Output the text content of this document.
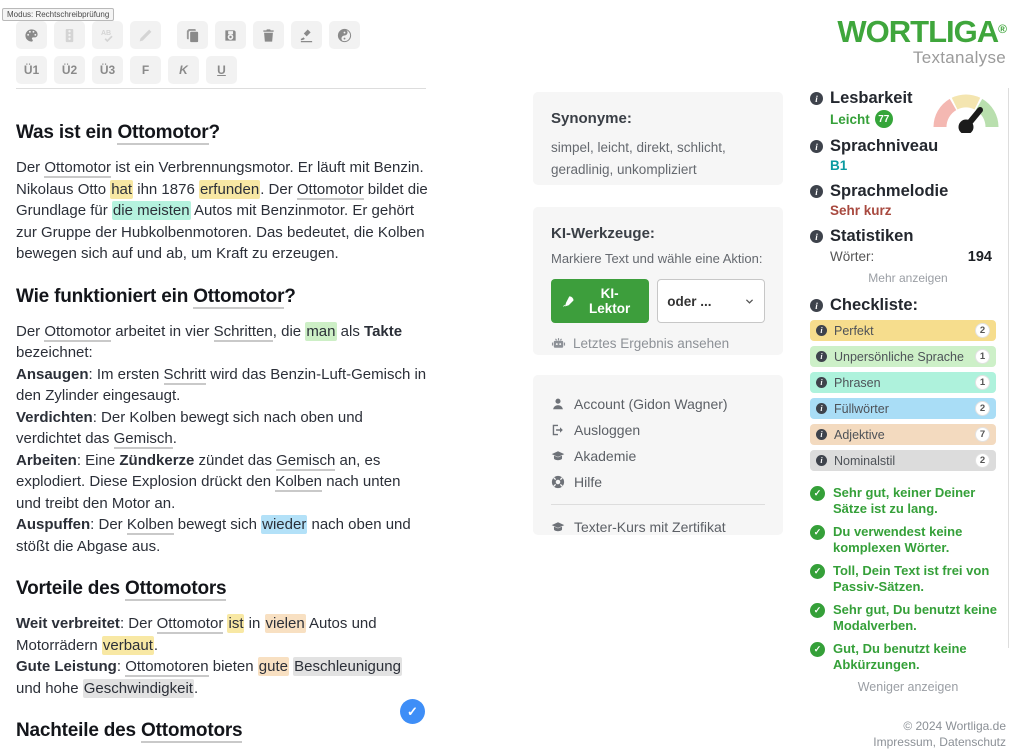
Modus: Rechtschreibprüfung
AB
Ü1	Ü2	Ü3	F	K	U
Was ist ein Ottomotor?

Der Ottomotor ist ein Verbrennungsmotor. Er läuft mit Benzin. Nikolaus Otto hat ihn 1876 erfunden. Der Ottomotor bildet die Grundlage für die meisten Autos mit Benzinmotor. Er gehört zur Gruppe der Hubkolbenmotoren. Das bedeutet, die Kolben bewegen sich auf und ab, um Kraft zu erzeugen.

Wie funktioniert ein Ottomotor?

Der Ottomotor arbeitet in vier Schritten, die man als Takte bezeichnet:
Ansaugen: Im ersten Schritt wird das Benzin-Luft-Gemisch in den Zylinder eingesaugt.
Verdichten: Der Kolben bewegt sich nach oben und verdichtet das Gemisch.
Arbeiten: Eine Zündkerze zündet das Gemisch an, es explodiert. Diese Explosion drückt den Kolben nach unten und treibt den Motor an.
Auspuffen: Der Kolben bewegt sich wieder nach oben und stößt die Abgase aus.

Vorteile des Ottomotors

Weit verbreitet: Der Ottomotor ist in vielen Autos und Motorrädern verbaut.
Gute Leistung: Ottomotoren bieten gute Beschleunigung und hohe Geschwindigkeit.

Nachteile des Ottomotors
✓
Synonyme:
simpel, leicht, direkt, schlicht, geradlinig, unkompliziert
KI-Werkzeuge:
Markiere Text und wähle eine Aktion:
KI-Lektor	oder ...
Letztes Ergebnis ansehen
Account (Gidon Wagner)
Ausloggen
Akademie
Hilfe
Texter-Kurs mit Zertifikat
WORTLIGA®
Textanalyse
i
Lesbarkeit
Leicht 77
i
Sprachniveau
B1
i
Sprachmelodie
Sehr kurz
i
Statistiken
Wörter:	194
Mehr anzeigen
i
Checkliste:
i
Perfekt	2
i
Unpersönliche Sprache	1
i
Phrasen	1
i
Füllwörter	2
i
Adjektive	7
i
Nominalstil	2
✓ Sehr gut, keiner Deiner Sätze ist zu lang.
✓ Du verwendest keine komplexen Wörter.
✓ Toll, Dein Text ist frei von Passiv-Sätzen.
✓ Sehr gut, Du benutzt keine Modalverben.
✓ Gut, Du benutzt keine Abkürzungen.
Weniger anzeigen
© 2024 Wortliga.de
Impressum, Datenschutz
